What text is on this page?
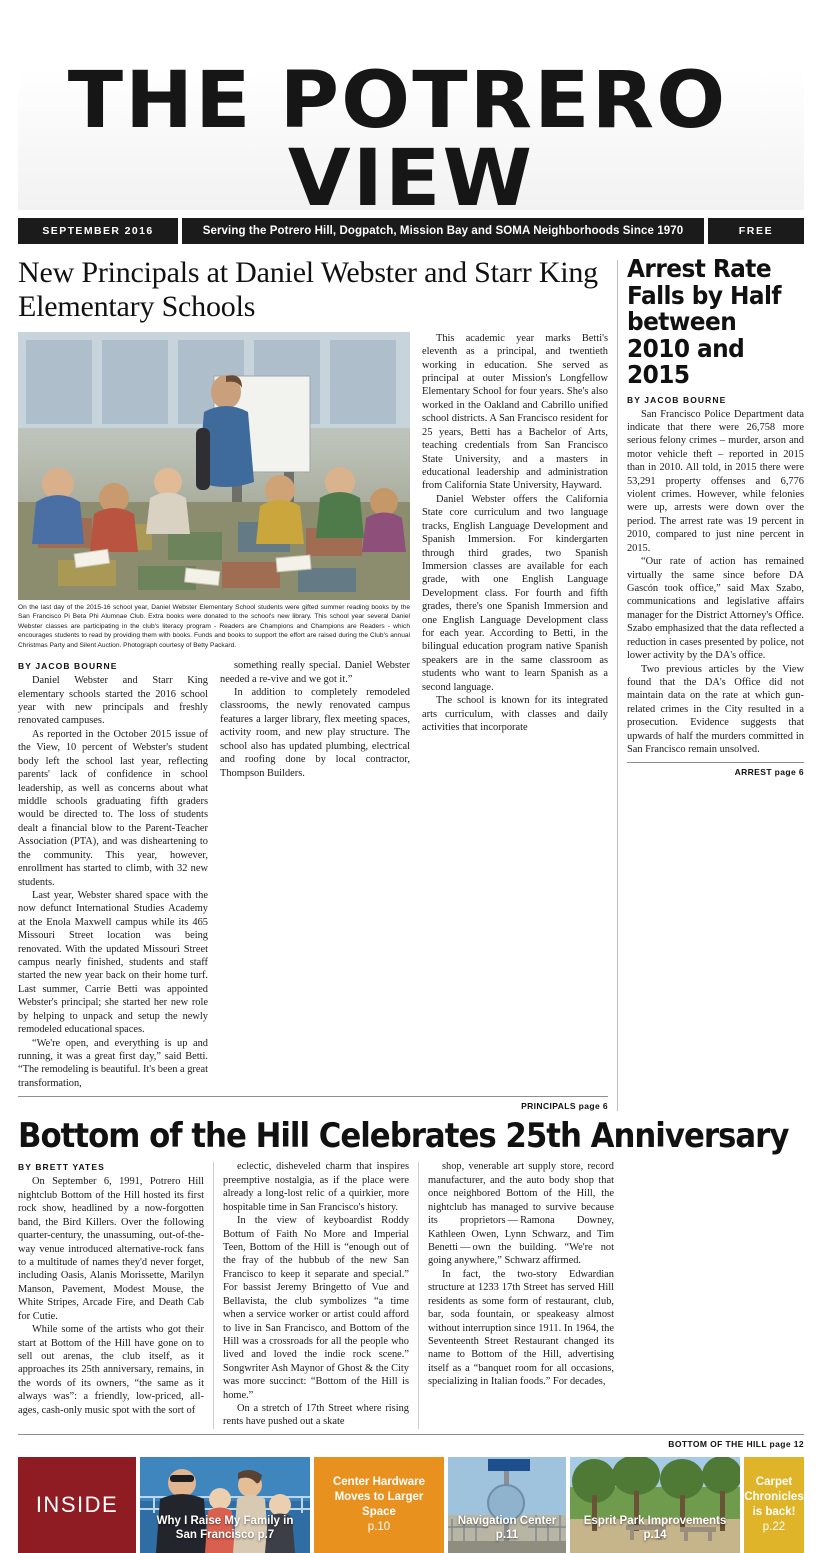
THE POTREROVIEW
SEPTEMBER 2016	Serving the Potrero Hill, Dogpatch, Mission Bay and SOMA Neighborhoods Since 1970	FREE
New Principals at Daniel Webster and Starr King Elementary Schools
On the last day of the 2015-16 school year, Daniel Webster Elementary School students were gifted summer reading books by the San Francisco Pi Beta Phi Alumnae Club. Extra books were donated to the school's new library. This school year several Daniel Webster classes are participating in the club's literacy program - Readers are Champions and Champions are Readers - which encourages students to read by providing them with books. Funds and books to support the effort are raised during the Club's annual Christmas Party and Silent Auction. Photograph courtesy of Betty Packard.
BY JACOB BOURNE

Daniel Webster and Starr King elementary schools started the 2016 school year with new principals and freshly renovated campuses.

As reported in the October 2015 issue of the View, 10 percent of Webster's student body left the school last year, reflecting parents' lack of confidence in school leadership, as well as concerns about what middle schools graduating fifth graders would be directed to. The loss of students dealt a financial blow to the Parent-Teacher Association (PTA), and was disheartening to the community. This year, however, enrollment has started to climb, with 32 new students.

Last year, Webster shared space with the now defunct International Studies Academy at the Enola Maxwell campus while its 465 Missouri Street location was being renovated. With the updated Missouri Street campus nearly finished, students and staff started the new year back on their home turf. Last summer, Carrie Betti was appointed Webster's principal; she started her new role by helping to unpack and setup the newly remodeled educational spaces.

“We're open, and everything is up and running, it was a great first day,” said Betti. “The remodeling is beautiful. It's been a great transformation,

something really special. Daniel Webster needed a re-vive and we got it.”

In addition to completely remodeled classrooms, the newly renovated campus features a larger library, flex meeting spaces, activity room, and new play structure. The school also has updated plumbing, electrical and roofing done by local contractor, Thompson Builders.

This academic year marks Betti's eleventh as a principal, and twentieth working in education. She served as principal at outer Mission's Longfellow Elementary School for four years. She's also worked in the Oakland and Cabrillo unified school districts. A San Francisco resident for 25 years, Betti has a Bachelor of Arts, teaching credentials from San Francisco State University, and a masters in educational leadership and administration from California State University, Hayward.

Daniel Webster offers the California State core curriculum and two language tracks, English Language Development and Spanish Immersion. For kindergarten through third grades, two Spanish Immersion classes are available for each grade, with one English Language Development class. For fourth and fifth grades, there's one Spanish Immersion and one English Language Development class for each year. According to Betti, in the bilingual education program native Spanish speakers are in the same classroom as students who want to learn Spanish as a second language.

The school is known for its integrated arts curriculum, with classes and daily activities that incorporate

PRINCIPALS page 6
Arrest Rate Falls by Half between 2010 and 2015
BY JACOB BOURNE

San Francisco Police Department data indicate that there were 26,758 more serious felony crimes – murder, arson and motor vehicle theft – reported in 2015 than in 2010. All told, in 2015 there were 53,291 property offenses and 6,776 violent crimes. However, while felonies were up, arrests were down over the period. The arrest rate was 19 percent in 2010, compared to just nine percent in 2015.

“Our rate of action has remained virtually the same since before DA Gascón took office,” said Max Szabo, communications and legislative affairs manager for the District Attorney's Office. Szabo emphasized that the data reflected a reduction in cases presented by police, not lower activity by the DA's office.

Two previous articles by the View found that the DA's Office did not maintain data on the rate at which gun-related crimes in the City resulted in a prosecution. Evidence suggests that upwards of half the murders committed in San Francisco remain unsolved.

ARREST page 6
Bottom of the Hill Celebrates 25th Anniversary
BY BRETT YATES

On September 6, 1991, Potrero Hill nightclub Bottom of the Hill hosted its first rock show, headlined by a now-forgotten band, the Bird Killers. Over the following quarter-century, the unassuming, out-of-the-way venue introduced alternative-rock fans to a multitude of names they'd never forget, including Oasis, Alanis Morissette, Marilyn Manson, Pavement, Modest Mouse, the White Stripes, Arcade Fire, and Death Cab for Cutie.

While some of the artists who got their start at Bottom of the Hill have gone on to sell out arenas, the club itself, as it approaches its 25th anniversary, remains, in the words of its owners, “the same as it always was”: a friendly, low-priced, all-ages, cash-only music spot with the sort of

eclectic, disheveled charm that inspires preemptive nostalgia, as if the place were already a long-lost relic of a quirkier, more hospitable time in San Francisco's history.

In the view of keyboardist Roddy Bottum of Faith No More and Imperial Teen, Bottom of the Hill is “enough out of the fray of the hubbub of the new San Francisco to keep it separate and special.” For bassist Jeremy Bringetto of Vue and Bellavista, the club symbolizes “a time when a service worker or artist could afford to live in San Francisco, and Bottom of the Hill was a crossroads for all the people who lived and loved the indie rock scene.” Songwriter Ash Maynor of Ghost & the City was more succinct: “Bottom of the Hill is home.”

On a stretch of 17th Street where rising rents have pushed out a skate

shop, venerable art supply store, record manufacturer, and the auto body shop that once neighbored Bottom of the Hill, the nightclub has managed to survive because its proprietors — Ramona Downey, Kathleen Owen, Lynn Schwarz, and Tim Benetti — own the building. “We're not going anywhere,” Schwarz affirmed.

In fact, the two-story Edwardian structure at 1233 17th Street has served Hill residents as some form of restaurant, club, bar, soda fountain, or speakeasy almost without interruption since 1911. In 1964, the Seventeenth Street Restaurant changed its name to Bottom of the Hill, advertising itself as a “banquet room for all occasions, specializing in Italian foods.” For decades,

BOTTOM OF THE HILL page 12
INSIDE
Why I Raise My Family in San Francisco p.7
Center Hardware Moves to Larger Space
p.10	Navigation Center p.11
Esprit Park Improvements p.14
Carpet Chronicles is back!
p.22
